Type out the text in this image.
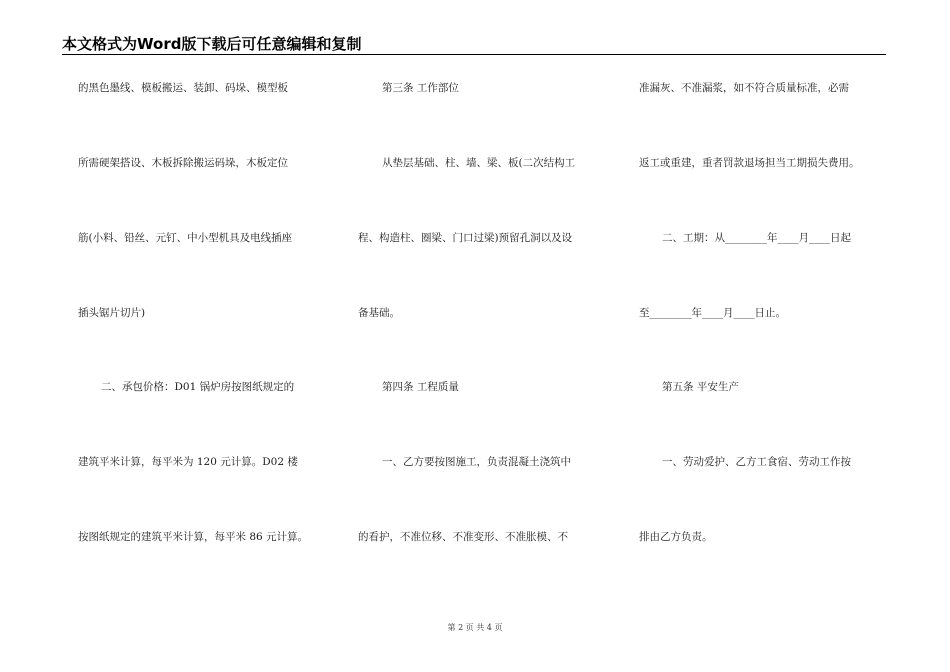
本文格式为Word版下载后可任意编辑和复制
的黑色墨线、模板搬运、装卸、码垛、模型板
所需硬架搭设、木板拆除搬运码垛，木板定位
筋(小料、铅丝、元钉、中小型机具及电线插座
插头锯片切片)
二、承包价格：D01 锅炉房按图纸规定的
建筑平米计算，每平米为 120 元计算。D02 楼
按图纸规定的建筑平米计算，每平米 86 元计算。
第三条 工作部位
从垫层基础、柱、墙、梁、板(二次结构工
程、构造柱、圈梁、门口过梁)预留孔洞以及设
备基础。
第四条 工程质量
一、乙方要按图施工，负责混凝土浇筑中
的看护，不准位移、不准变形、不准胀模、不
准漏灰、不准漏浆，如不符合质量标准，必需
返工或重建，重者罚款退场担当工期损失费用。
二、工期：从________年____月____日起
至________年____月____日止。
第五条 平安生产
一、劳动爱护、乙方工食宿、劳动工作按
排由乙方负责。
第 2 页 共 4 页
